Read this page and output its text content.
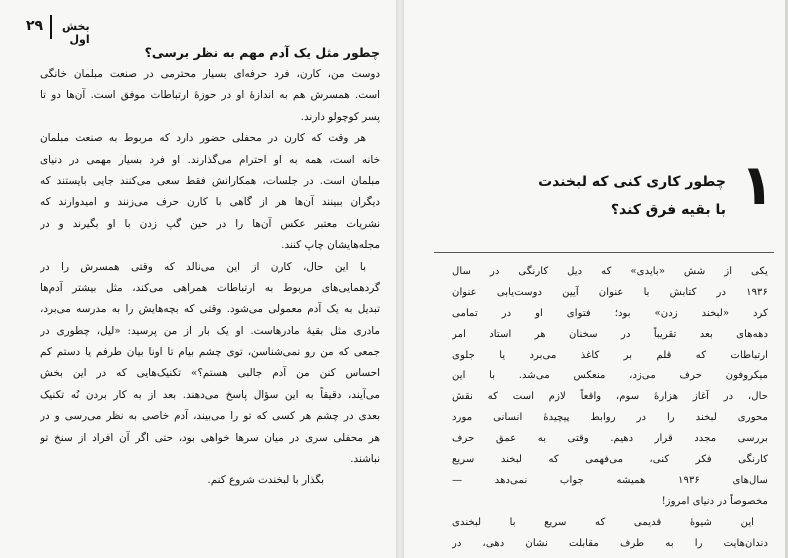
۲۹ بخش اول
چطور مثل یک آدم مهم به نظر برسی؟
دوست من، کارن، فرد حرفه‌ای بسیار محترمی در صنعت مبلمان خانگی
است. همسرش هم به اندازهٔ او در حوزهٔ ارتباطات موفق است. آن‌ها دو تا
پسر کوچولو دارند.
هر وقت که کارن در محفلی حضور دارد که مربوط به صنعت مبلمان
خانه است، همه به او احترام می‌گذارند. او فرد بسیار مهمی در دنیای
مبلمان است. در جلسات، همکارانش فقط سعی می‌کنند جایی بایستند که
دیگران ببینند آن‌ها هر از گاهی با کارن حرف می‌زنند و امیدوارند که
نشریات معتبر عکس آن‌ها را در حین گپ زدن با او بگیرند و در
مجله‌هایشان چاپ کنند.
با این حال، کارن از این می‌نالد که وقتی همسرش را در
گردهمایی‌های مربوط به ارتباطات همراهی می‌کند، مثل بیشتر آدم‌ها
تبدیل به یک آدم معمولی می‌شود. وقتی که بچه‌هایش را به مدرسه می‌برد،
مادری مثل بقیهٔ مادرهاست. او یک بار از من پرسید: «لیل، چطوری در
جمعی که من رو نمی‌شناسن، توی چشم بیام تا اونا بیان طرفم یا دستم کم
احساس کنن من آدم جالبی هستم؟» تکنیک‌هایی که در این بخش
می‌آیند، دقیقاً به این سؤال پاسخ می‌دهند. بعد از به کار بردن نُه تکنیک
بعدی در چشم هر کسی که تو را می‌بیند، آدم خاصی به نظر می‌رسی و در
هر محفلی سری در میان سرها خواهی بود، حتی اگر آن افراد از سنخ تو
نباشند.
بگذار با لبخندت شروع کنم.
۱
چطور کاری کنی که لبخندت
با بقیه فرق کند؟
یکی از شش «بایدی» که دیل کارنگی در سال
۱۹۳۶ در کتابش با عنوان آیین دوست‌یابی عنوان
کرد «لبخند زدن» بود؛ فتوای او در تمامی
دهه‌های بعد تقریباً در سخنان هر استاد امر
ارتباطات که قلم بر کاغذ می‌برد یا جلوی
میکروفون حرف می‌زد، منعکس می‌شد. با این
حال، در آغاز هزارهٔ سوم، واقعاً لازم است که نقش
محوری لبخند را در روابط پیچیدهٔ انسانی مورد
بررسی مجدد قرار دهیم. وقتی به عمق حرف
کارنگی فکر کنی، می‌فهمی که لبخند سریع
سال‌های ۱۹۳۶ همیشه جواب نمی‌دهد —
مخصوصاً در دنیای امروز!
این شیوهٔ قدیمی که سریع با لبخندی
دندان‌هایت را به طرف مقابلت نشان دهی، در
